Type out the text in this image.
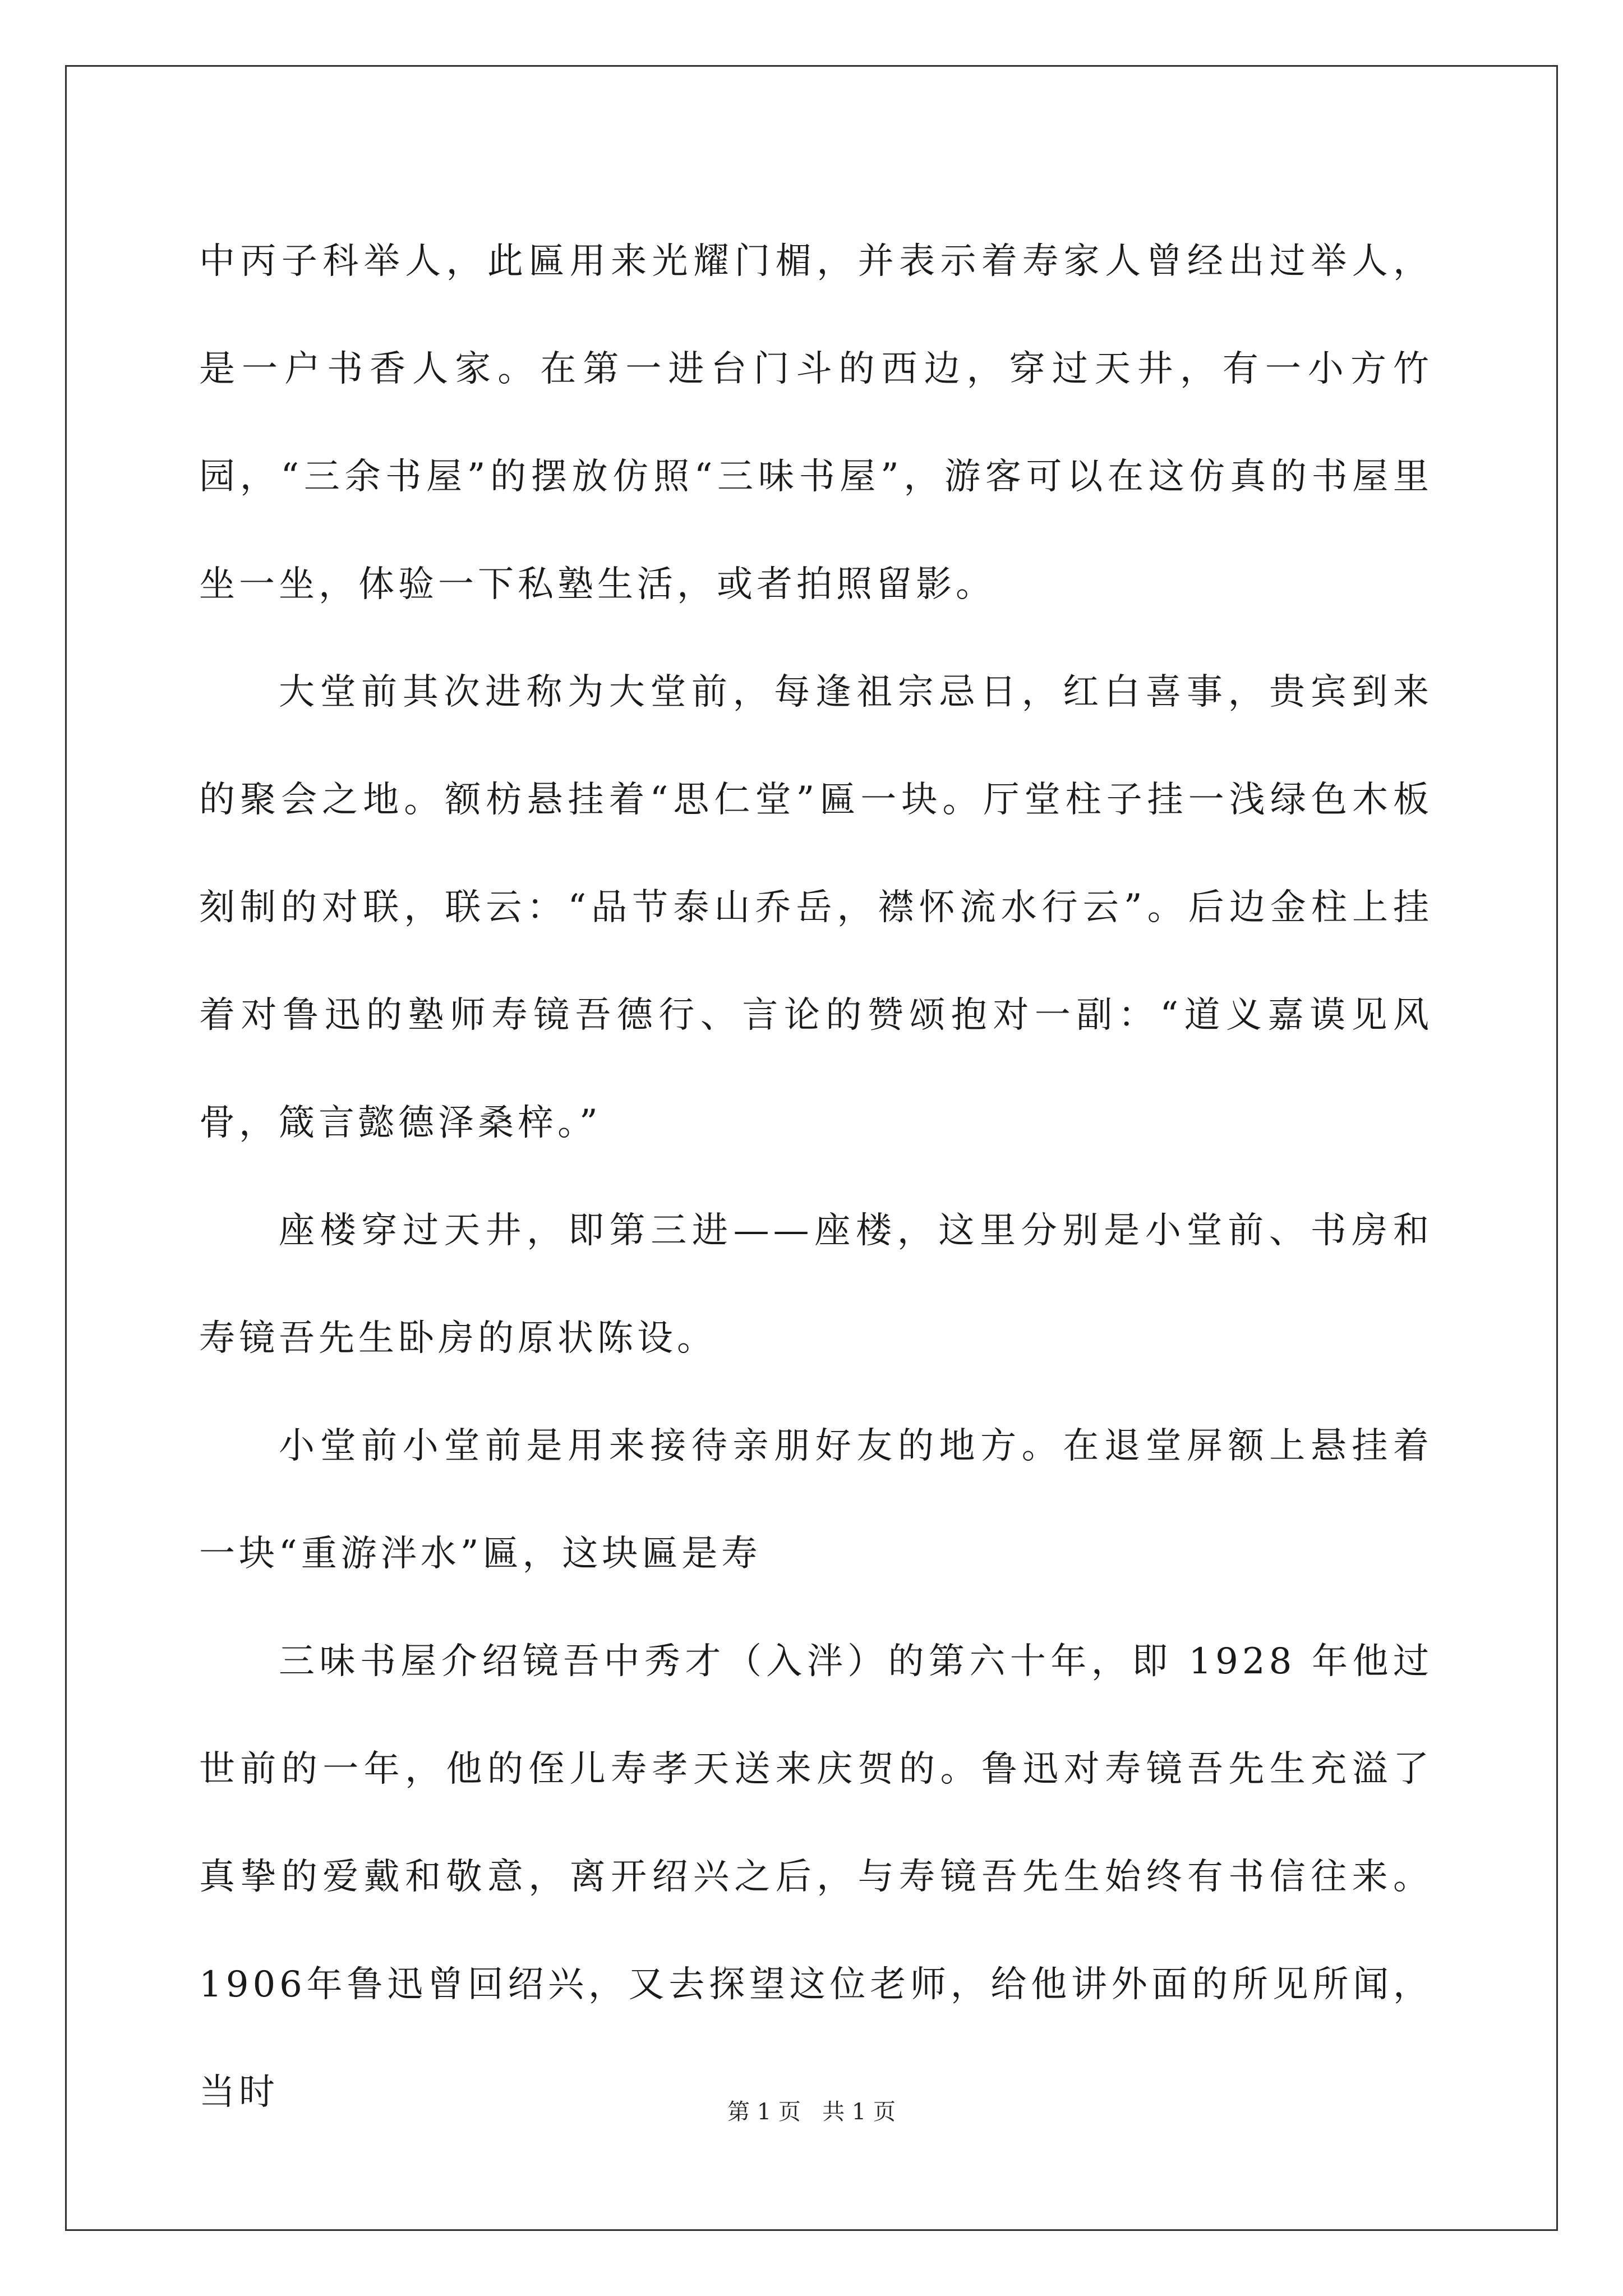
中丙子科举人，此匾用来光耀门楣，并表示着寿家人曾经出过举人，是一户书香人家。在第一进台门斗的西边，穿过天井，有一小方竹园，“三余书屋”的摆放仿照“三味书屋”，游客可以在这仿真的书屋里坐一坐，体验一下私塾生活，或者拍照留影。

大堂前其次进称为大堂前，每逢祖宗忌日，红白喜事，贵宾到来的聚会之地。额枋悬挂着“思仁堂”匾一块。厅堂柱子挂一浅绿色木板刻制的对联，联云：“品节泰山乔岳，襟怀流水行云”。后边金柱上挂着对鲁迅的塾师寿镜吾德行、言论的赞颂抱对一副：“道义嘉谟见风骨，箴言懿德泽桑梓。”

座楼穿过天井，即第三进——座楼，这里分别是小堂前、书房和寿镜吾先生卧房的原状陈设。

小堂前小堂前是用来接待亲朋好友的地方。在退堂屏额上悬挂着一块“重游泮水”匾，这块匾是寿

三味书屋介绍镜吾中秀才（入泮）的第六十年，即 1928 年他过世前的一年，他的侄儿寿孝天送来庆贺的。鲁迅对寿镜吾先生充溢了真挚的爱戴和敬意，离开绍兴之后，与寿镜吾先生始终有书信往来。1906年鲁迅曾回绍兴，又去探望这位老师，给他讲外面的所见所闻，当时	第 1 页 共 1 页
